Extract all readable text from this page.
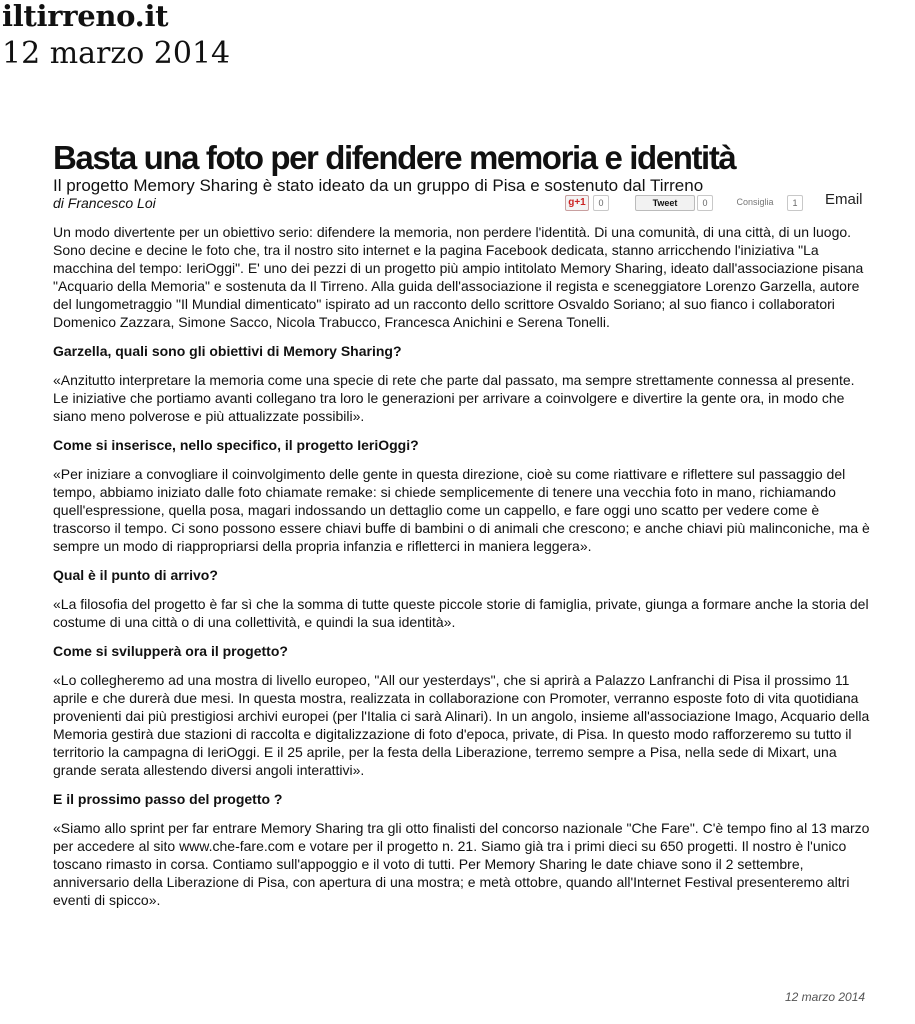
iltirreno.it
12 marzo 2014
Basta una foto per difendere memoria e identità
Il progetto Memory Sharing è stato ideato da un gruppo di Pisa e sostenuto dal Tirreno
di Francesco Loi	g+1	0	Tweet	0	Consiglia	1	Email

Un modo divertente per un obiettivo serio: difendere la memoria, non perdere l'identità. Di una comunità, di una città, di un luogo. Sono decine e decine le foto che, tra il nostro sito internet e la pagina Facebook dedicata, stanno arricchendo l'iniziativa "La macchina del tempo: IeriOggi". E' uno dei pezzi di un progetto più ampio intitolato Memory Sharing, ideato dall'associazione pisana "Acquario della Memoria" e sostenuta da Il Tirreno. Alla guida dell'associazione il regista e sceneggiatore Lorenzo Garzella, autore del lungometraggio "Il Mundial dimenticato" ispirato ad un racconto dello scrittore Osvaldo Soriano; al suo fianco i collaboratori Domenico Zazzara, Simone Sacco, Nicola Trabucco, Francesca Anichini e Serena Tonelli.

Garzella, quali sono gli obiettivi di Memory Sharing?

«Anzitutto interpretare la memoria come una specie di rete che parte dal passato, ma sempre strettamente connessa al presente. Le iniziative che portiamo avanti collegano tra loro le generazioni per arrivare a coinvolgere e divertire la gente ora, in modo che siano meno polverose e più attualizzate possibili».

Come si inserisce, nello specifico, il progetto IeriOggi?

«Per iniziare a convogliare il coinvolgimento delle gente in questa direzione, cioè su come riattivare e riflettere sul passaggio del tempo, abbiamo iniziato dalle foto chiamate remake: si chiede semplicemente di tenere una vecchia foto in mano, richiamando quell'espressione, quella posa, magari indossando un dettaglio come un cappello, e fare oggi uno scatto per vedere come è trascorso il tempo. Ci sono possono essere chiavi buffe di bambini o di animali che crescono; e anche chiavi più malinconiche, ma è sempre un modo di riappropriarsi della propria infanzia e rifletterci in maniera leggera».

Qual è il punto di arrivo?

«La filosofia del progetto è far sì che la somma di tutte queste piccole storie di famiglia, private, giunga a formare anche la storia del costume di una città o di una collettività, e quindi la sua identità».

Come si svilupperà ora il progetto?

«Lo collegheremo ad una mostra di livello europeo, "All our yesterdays", che si aprirà a Palazzo Lanfranchi di Pisa il prossimo 11 aprile e che durerà due mesi. In questa mostra, realizzata in collaborazione con Promoter, verranno esposte foto di vita quotidiana provenienti dai più prestigiosi archivi europei (per l'Italia ci sarà Alinari). In un angolo, insieme all'associazione Imago, Acquario della Memoria gestirà due stazioni di raccolta e digitalizzazione di foto d'epoca, private, di Pisa. In questo modo rafforzeremo su tutto il territorio la campagna di IeriOggi. E il 25 aprile, per la festa della Liberazione, terremo sempre a Pisa, nella sede di Mixart, una grande serata allestendo diversi angoli interattivi».

E il prossimo passo del progetto ?

«Siamo allo sprint per far entrare Memory Sharing tra gli otto finalisti del concorso nazionale "Che Fare". C'è tempo fino al 13 marzo per accedere al sito www.che-fare.com e votare per il progetto n. 21. Siamo già tra i primi dieci su 650 progetti. Il nostro è l'unico toscano rimasto in corsa. Contiamo sull'appoggio e il voto di tutti. Per Memory Sharing le date chiave sono il 2 settembre, anniversario della Liberazione di Pisa, con apertura di una mostra; e metà ottobre, quando all'Internet Festival presenteremo altri eventi di spicco».

12 marzo 2014
